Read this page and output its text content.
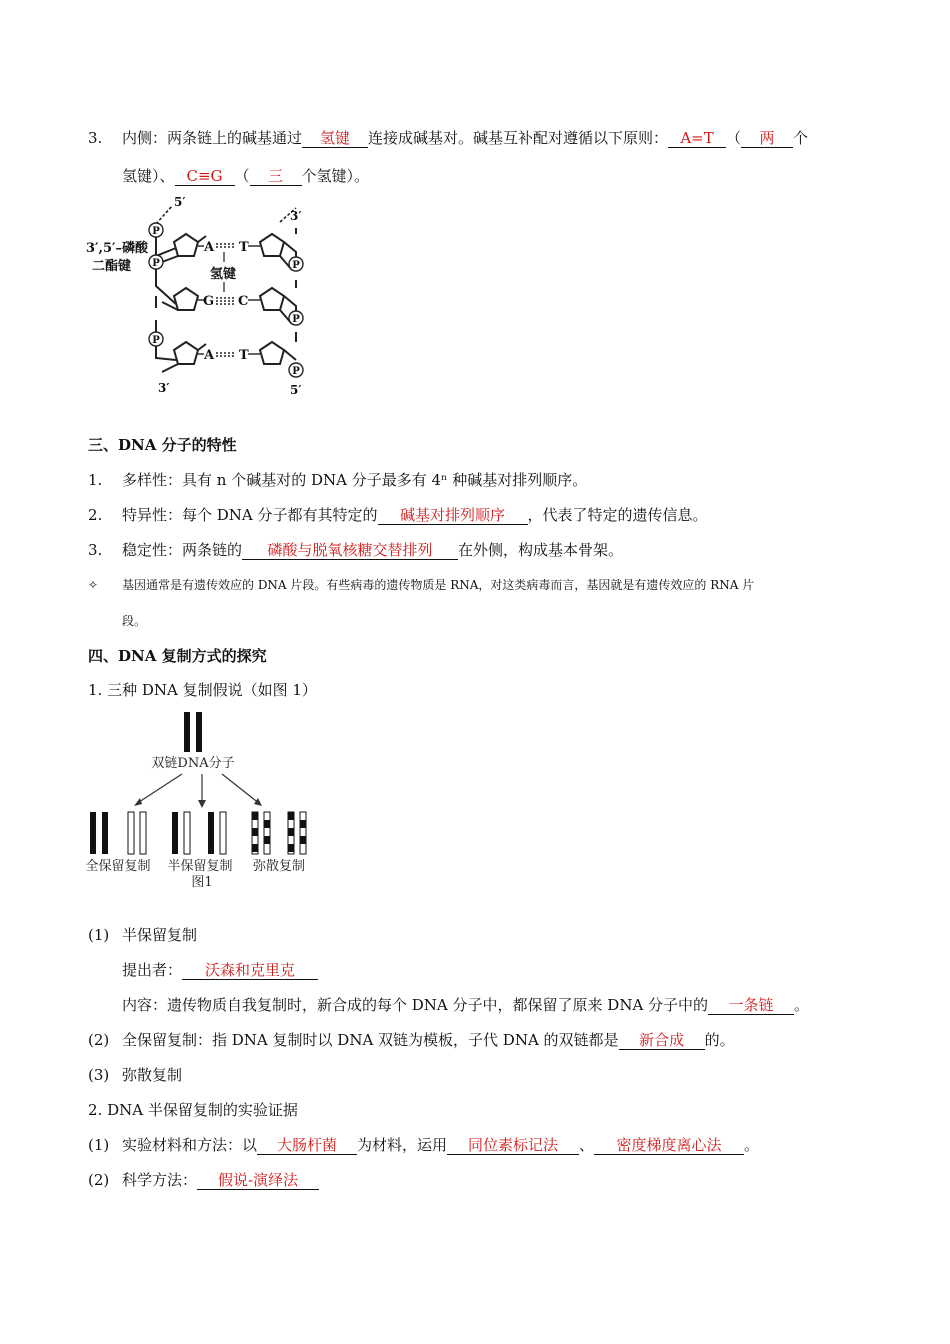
3. 内侧：两条链上的碱基通过 氢键 连接成碱基对。碱基互补配对遵循以下原则： A=T （ 两 个
氢键）、 C≡G （ 三 个氢键）。
A T
G C
A T
5′
3′
3′	5′
3′,5′–磷酸
二酯键
氢键
P
P
P
P
P
P
三、DNA 分子的特性
1. 多样性：具有 n 个碱基对的 DNA 分子最多有 4ⁿ 种碱基对排列顺序。
2. 特异性：每个 DNA 分子都有其特定的 碱基对排列顺序 ，代表了特定的遗传信息。
3. 稳定性：两条链的 磷酸与脱氧核糖交替排列 在外侧，构成基本骨架。
✧ 基因通常是有遗传效应的 DNA 片段。有些病毒的遗传物质是 RNA，对这类病毒而言，基因就是有遗传效应的 RNA 片
段。
四、DNA 复制方式的探究
1. 三种 DNA 复制假说（如图 1）
双链DNA分子
全保留复制 半保留复制 弥散复制
图1
(1) 半保留复制
提出者： 沃森和克里克
内容：遗传物质自我复制时，新合成的每个 DNA 分子中，都保留了原来 DNA 分子中的 一条链 。
(2) 全保留复制：指 DNA 复制时以 DNA 双链为模板，子代 DNA 的双链都是 新合成 的。
(3) 弥散复制
2. DNA 半保留复制的实验证据
(1) 实验材料和方法：以 大肠杆菌 为材料，运用 同位素标记法 、 密度梯度离心法 。
(2) 科学方法： 假说-演绎法
